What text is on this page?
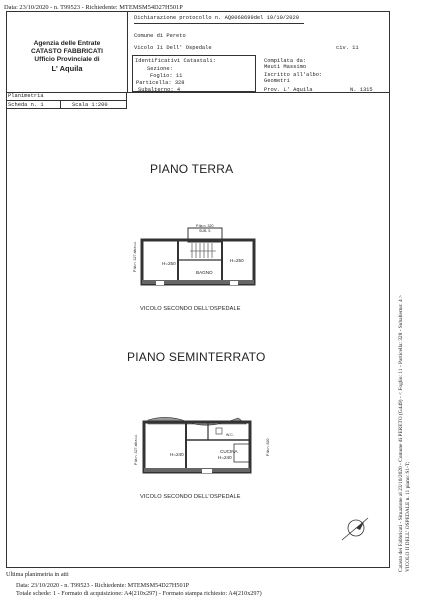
Data: 23/10/2020 - n. T99523 - Richiedente: MTEMSM54D27H501P
Agenzia delle Entrate
CATASTO FABBRICATI
Ufficio Provinciale di
L' Aquila
Dichiarazione protocollo n. AQ0068699del 19/10/2020
Comune di Pereto
Vicolo Ii Dell' Ospedale	civ. 11
Identificativi Catastali:
Sezione:
Foglio: 11
Particella: 328
Subalterno: 4
Compilata da:
Meuti Massimo
Iscritto all'albo:
Geometri
Prov. L' Aquila	N. 1315
Planimetria
Scheda n. 1	Scala 1:200
PIANO TERRA
P.lla n. 320
SUB. 5
P.lla n. 327 altra u.i.	H=250
H=250
BAGNO
VICOLO SECONDO DELL'OSPEDALE
PIANO SEMINTERRATO
P.lla n. 327 altra u.i.	P.lla n. 820
H=240
CUCINA
H=240
W.C.
VICOLO SECONDO DELL'OSPEDALE	Catasto dei Fabbricati - Situazione al 23/10/2020 - Comune di PERETO (G449) - < Foglio: 11 - Particella: 328 - Subalterno: 4 > VICOLO II DELL' OSPEDALE n. 11 piano: S1-T;
Ultima planimetria in atti
Data: 23/10/2020 - n. T99523 - Richiedente: MTEMSM54D27H501P
Totale schede: 1 - Formato di acquisizione: A4(210x297) - Formato stampa richiesto: A4(210x297)
